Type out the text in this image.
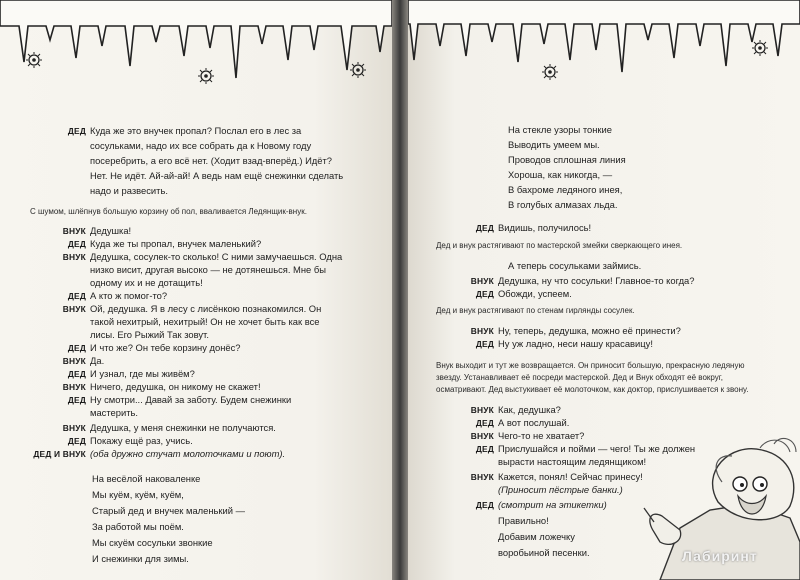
ДЕД Куда же это внучек пропал? Послал его в лес за
сосульками, надо их все собрать да к Новому году
посеребрить, а его всё нет. (Ходит взад-вперёд.) Идёт?
Нет. Не идёт. Ай-ай-ай! А ведь нам ещё снежинки сделать
надо и развесить.
С шумом, шлёпнув большую корзину об пол, вваливается Ледянщик-внук.
ВНУК Дедушка!
ДЕД Куда же ты пропал, внучек маленький?
ВНУК Дедушка, сосулек-то сколько! С ними замучаешься. Одна
низко висит, другая высоко — не дотянешься. Мне бы
одному их и не дотащить!
ДЕД А кто ж помог-то?
ВНУК Ой, дедушка. Я в лесу с лисёнкою познакомился. Он
такой нехитрый, нехитрый! Он не хочет быть как все
лисы. Его Рыжий Так зовут.
ДЕД И что же? Он тебе корзину донёс?
ВНУК Да.
ДЕД И узнал, где мы живём?
ВНУК Ничего, дедушка, он никому не скажет!
ДЕД Ну смотри... Давай за заботу. Будем снежинки
мастерить.
ВНУК Дедушка, у меня снежинки не получаются.
ДЕД Покажу ещё раз, учись.
ДЕД И ВНУК (оба дружно стучат молоточками и поют).
На весёлой наковаленке
Мы куём, куём, куём,
Старый дед и внучек маленький —
За работой мы поём.
Мы скуём сосульки звонкие
И снежинки для зимы.
На стекле узоры тонкие
Выводить умеем мы.
Проводов сплошная линия
Хороша, как никогда, —
В бахроме ледяного инея,
В голубых алмазах льда.
ДЕД Видишь, получилось!
Дед и внук растягивают по мастерской змейки сверкающего инея.
А теперь сосульками займись.
ВНУК Дедушка, ну что сосульки! Главное-то когда?
ДЕД Обожди, успеем.
Дед и внук растягивают по стенам гирлянды сосулек.
ВНУК Ну, теперь, дедушка, можно её принести?
ДЕД Ну уж ладно, неси нашу красавицу!
Внук выходит и тут же возвращается. Он приносит большую, прекрасную ледяную
звезду. Устанавливает её посреди мастерской. Дед и Внук обходят её вокруг,
осматривают. Дед выстукивает её молоточком, как доктор, прислушивается к звону.
ВНУК Как, дедушка?
ДЕД А вот послушай.
ВНУК Чего-то не хватает?
ДЕД Прислушайся и пойми — чего! Ты же должен
вырасти настоящим ледянщиком!
ВНУК Кажется, понял! Сейчас принесу!
(Приносит пёстрые банки.)
ДЕД (смотрит на этикетки)
Правильно!
Добавим ложечку
воробьиной песенки.	Лабиринт
